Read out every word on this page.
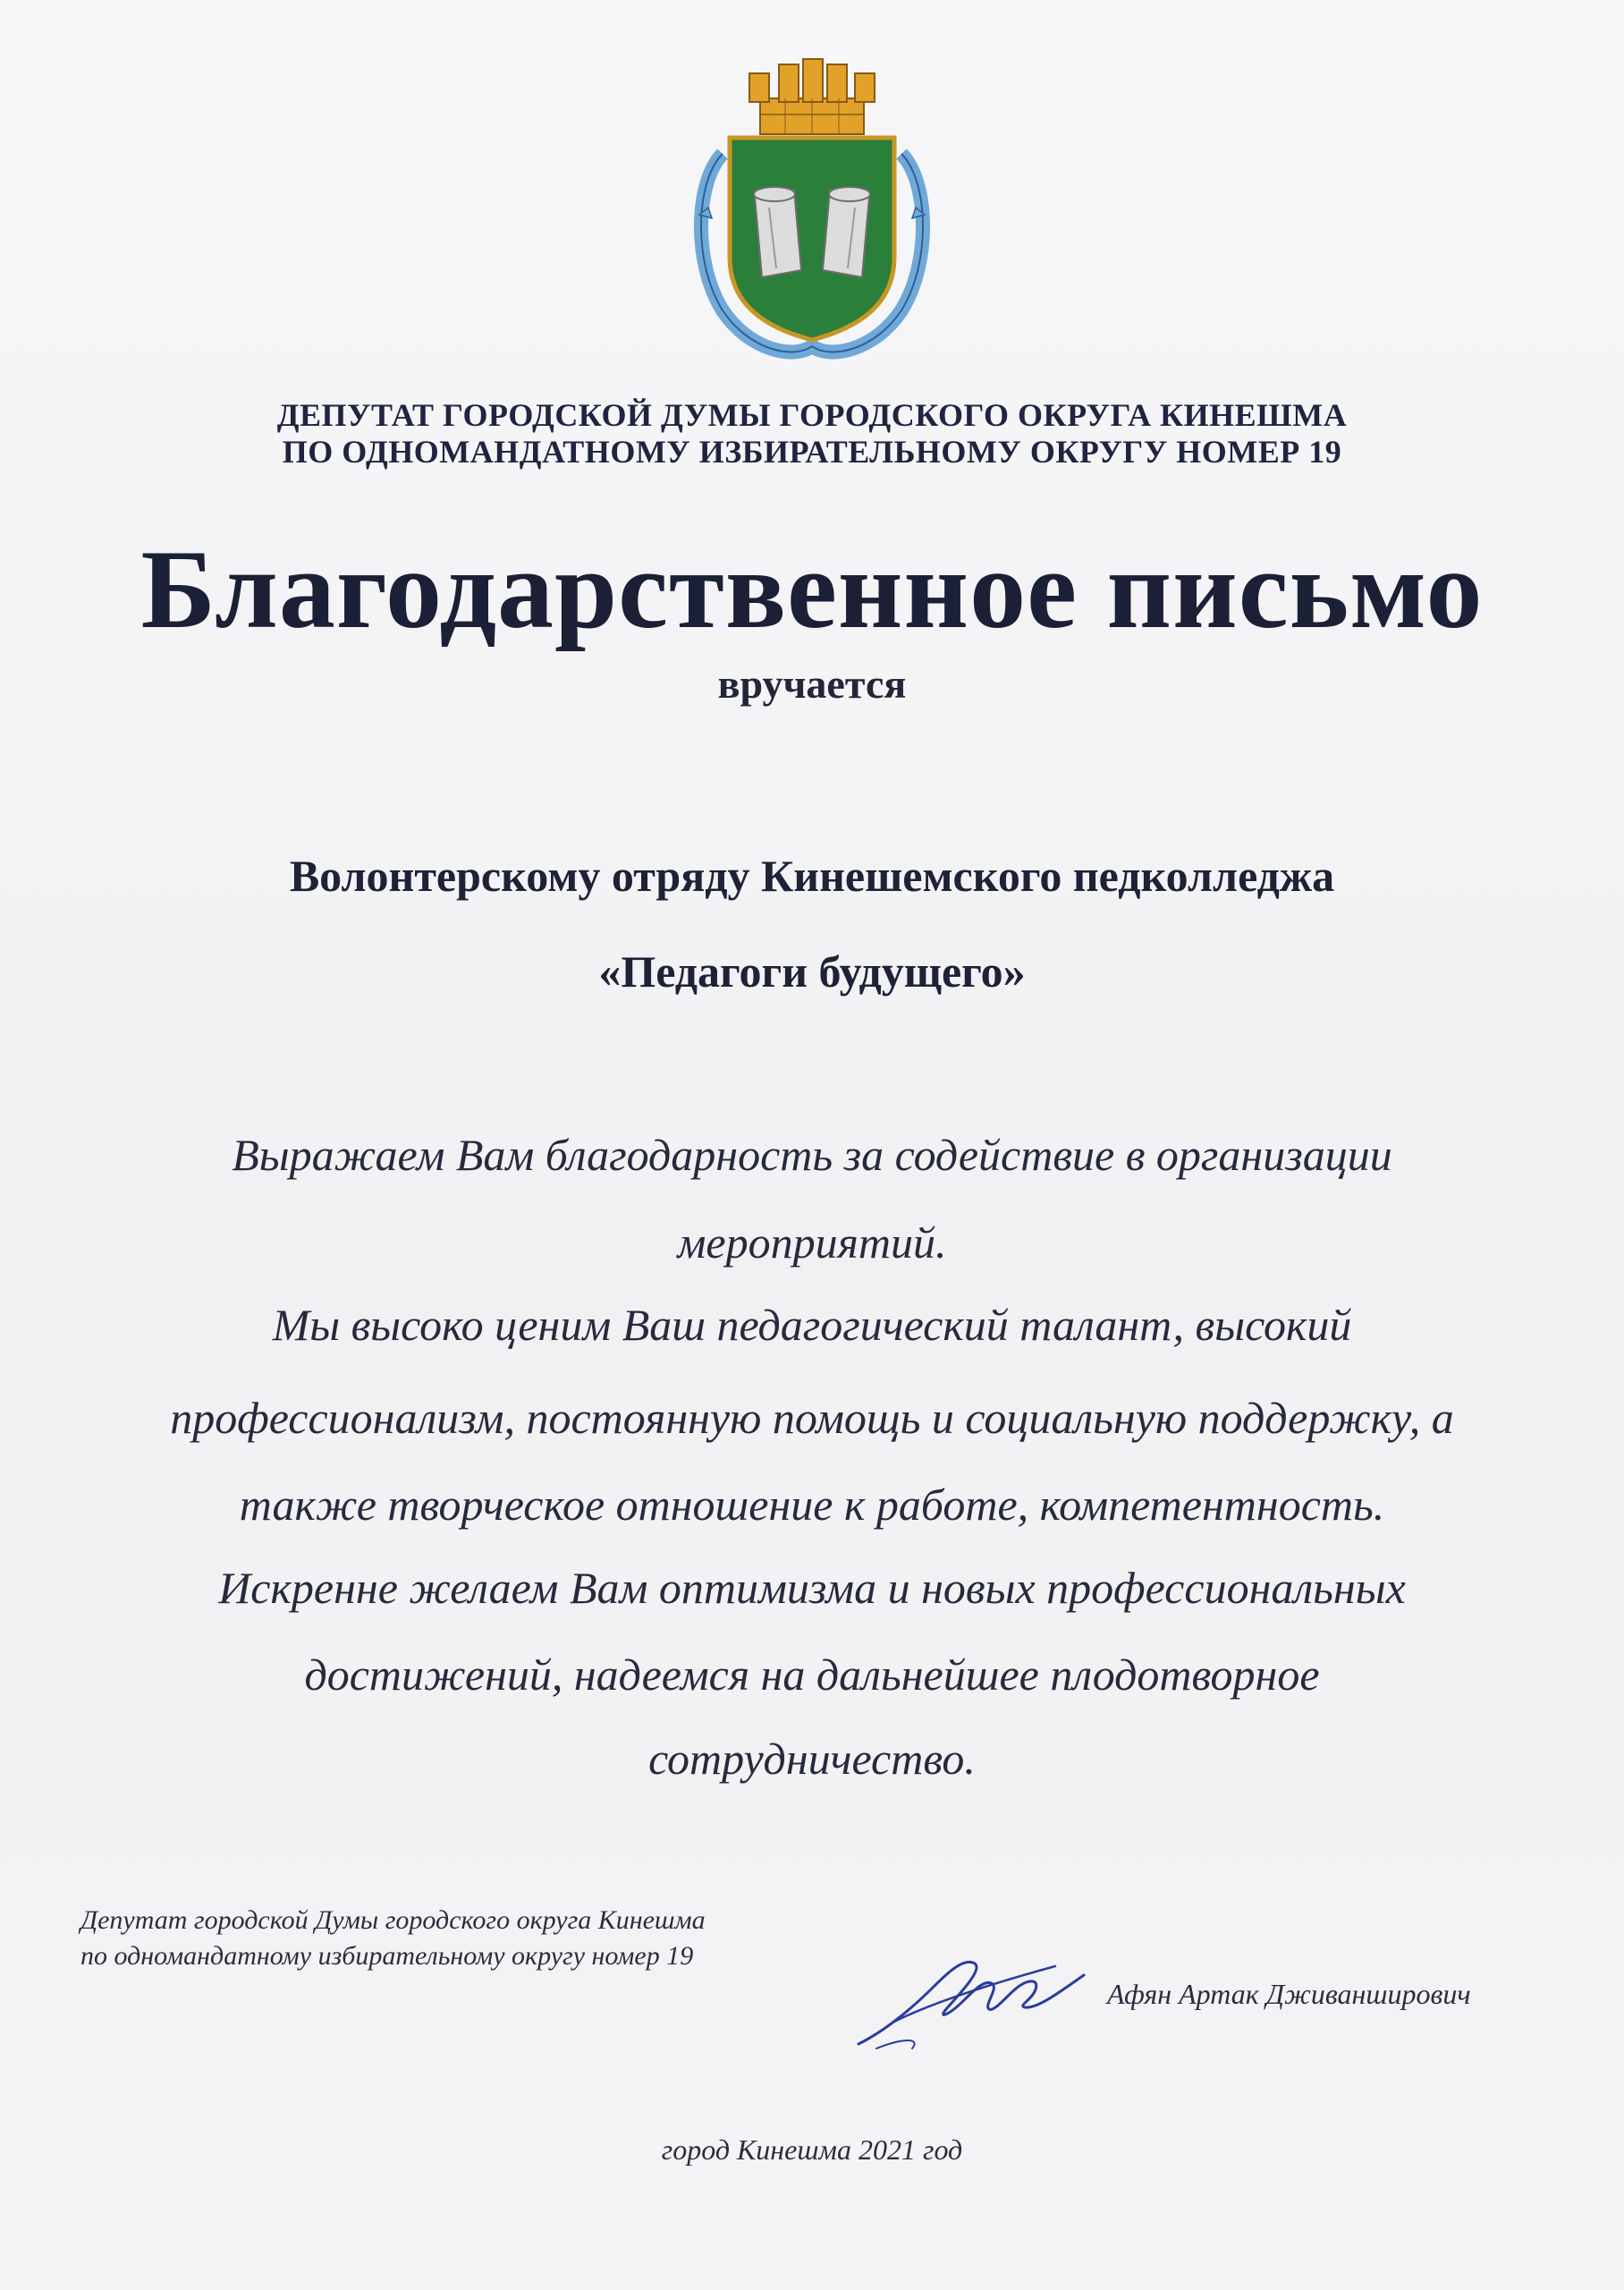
ДЕПУТАТ ГОРОДСКОЙ ДУМЫ ГОРОДСКОГО ОКРУГА КИНЕШМА
ПО ОДНОМАНДАТНОМУ ИЗБИРАТЕЛЬНОМУ ОКРУГУ НОМЕР 19
Благодарственное письмо
вручается
Волонтерскому отряду Кинешемского педколледжа
«Педагоги будущего»
Выражаем Вам благодарность за содействие в организации
мероприятий.
Мы высоко ценим Ваш педагогический талант, высокий
профессионализм, постоянную помощь и социальную поддержку, а
также творческое отношение к работе, компетентность.
Искренне желаем Вам оптимизма и новых профессиональных
достижений, надеемся на дальнейшее плодотворное
сотрудничество.
Депутат городской Думы городского округа Кинешма
по одномандатному избирательному округу номер 19
Афян Артак Дживанширович
город Кинешма 2021 год
